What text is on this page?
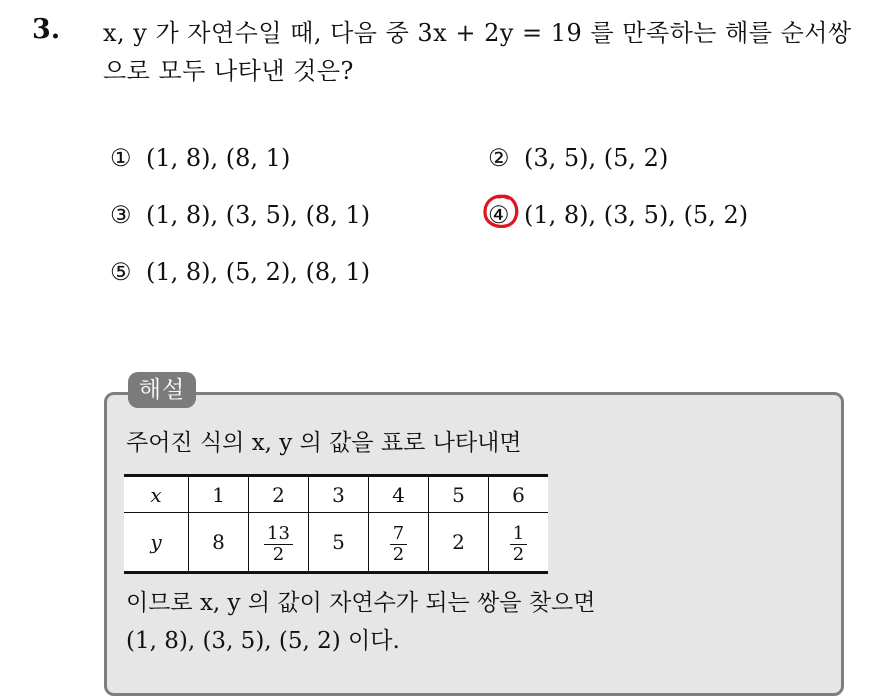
3. x, y 가 자연수일 때, 다음 중 3x + 2y = 19 를 만족하는 해를 순서쌍
으로 모두 나타낸 것은?
① (1, 8), (8, 1)	② (3, 5), (5, 2)
③ (1, 8), (3, 5), (8, 1)	④ (1, 8), (3, 5), (5, 2)
⑤ (1, 8), (5, 2), (8, 1)
해설
주어진 식의 x, y 의 값을 표로 나타내면
x	1	2	3	4	5	6
y	8	$\frac{13}{2}$	5	$\frac{7}{2}$	2	$\frac{1}{2}$
이므로 x, y 의 값이 자연수가 되는 쌍을 찾으면
(1, 8), (3, 5), (5, 2) 이다.
